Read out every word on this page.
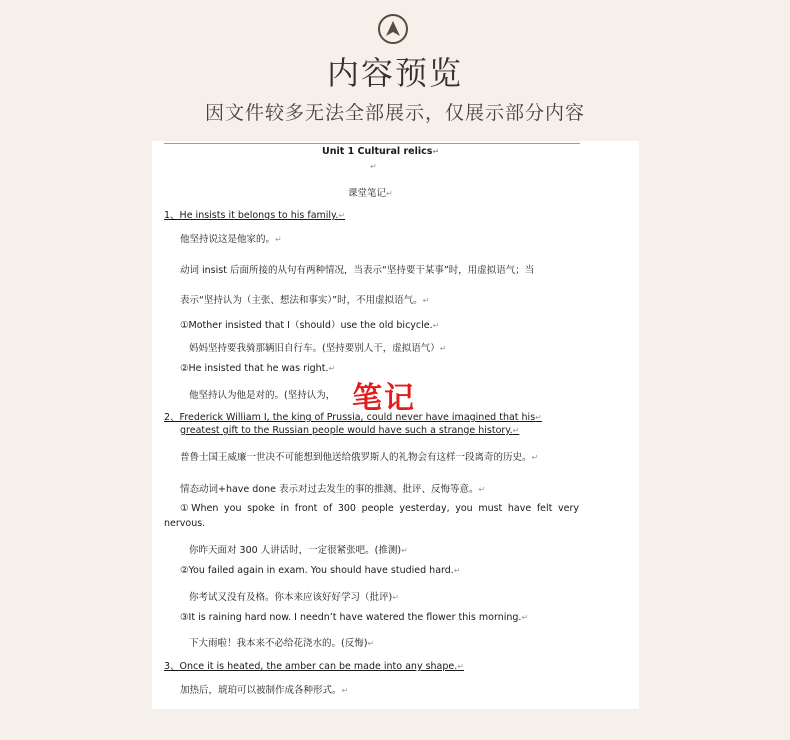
内容预览
因文件较多无法全部展示，仅展示部分内容
Unit 1 Cultural relics↵
↵
课堂笔记↵
1、He insists it belongs to his family.↵
他坚持说这是他家的。↵
动词 insist 后面所接的从句有两种情况，当表示“坚持要干某事”时，用虚拟语气；当
表示“坚持认为（主张、想法和事实）”时，不用虚拟语气。↵
①Mother insisted that I（should）use the old bicycle.↵
妈妈坚持要我骑那辆旧自行车。(坚持要别人干，虚拟语气）↵
②He insisted that he was right.↵
他坚持认为他是对的。(坚持认为，
2、Frederick William Ⅰ, the king of Prussia, could never have imagined that his↵
greatest gift to the Russian people would have such a strange history.↵
普鲁士国王威廉一世决不可能想到他送给俄罗斯人的礼物会有这样一段离奇的历史。↵
情态动词+have done 表示对过去发生的事的推测、批评、反悔等意。↵
①When you spoke in front of 300 people yesterday, you must have felt very
nervous.
你昨天面对 300 人讲话时，一定很紧张吧。(推测)↵
②You failed again in exam. You should have studied hard.↵
你考试又没有及格。你本来应该好好学习（批评)↵
③It is raining hard now. I needn’t have watered the flower this morning.↵
下大雨啦！我本来不必给花浇水的。(反悔)↵
3、Once it is heated, the amber can be made into any shape.↵
加热后，琥珀可以被制作成各种形式。↵
笔记
